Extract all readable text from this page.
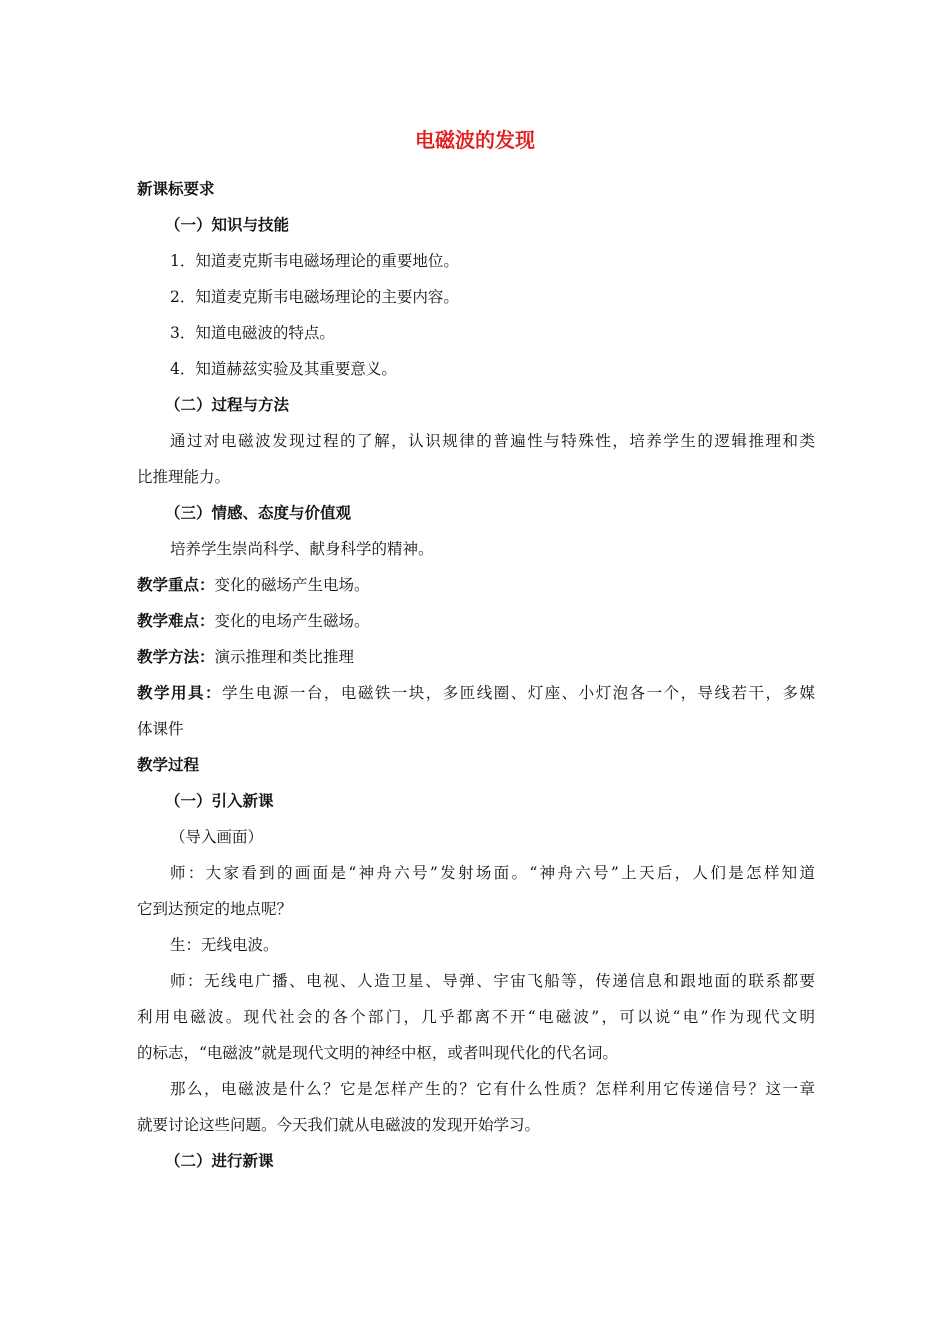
电磁波的发现
新课标要求
（一）知识与技能
1．知道麦克斯韦电磁场理论的重要地位。
2．知道麦克斯韦电磁场理论的主要内容。
3．知道电磁波的特点。
4．知道赫兹实验及其重要意义。
（二）过程与方法
通过对电磁波发现过程的了解，认识规律的普遍性与特殊性，培养学生的逻辑推理和类
比推理能力。
（三）情感、态度与价值观
培养学生崇尚科学、献身科学的精神。
教学重点：变化的磁场产生电场。
教学难点：变化的电场产生磁场。
教学方法：演示推理和类比推理
教学用具：学生电源一台，电磁铁一块，多匝线圈、灯座、小灯泡各一个，导线若干，多媒
体课件
教学过程
（一）引入新课
（导入画面）
师：大家看到的画面是“神舟六号”发射场面。“神舟六号”上天后，人们是怎样知道
它到达预定的地点呢？
生：无线电波。
师：无线电广播、电视、人造卫星、导弹、宇宙飞船等，传递信息和跟地面的联系都要
利用电磁波。现代社会的各个部门，几乎都离不开“电磁波”，可以说“电”作为现代文明
的标志，“电磁波”就是现代文明的神经中枢，或者叫现代化的代名词。
那么，电磁波是什么？它是怎样产生的？它有什么性质？怎样利用它传递信号？这一章
就要讨论这些问题。今天我们就从电磁波的发现开始学习。
（二）进行新课
